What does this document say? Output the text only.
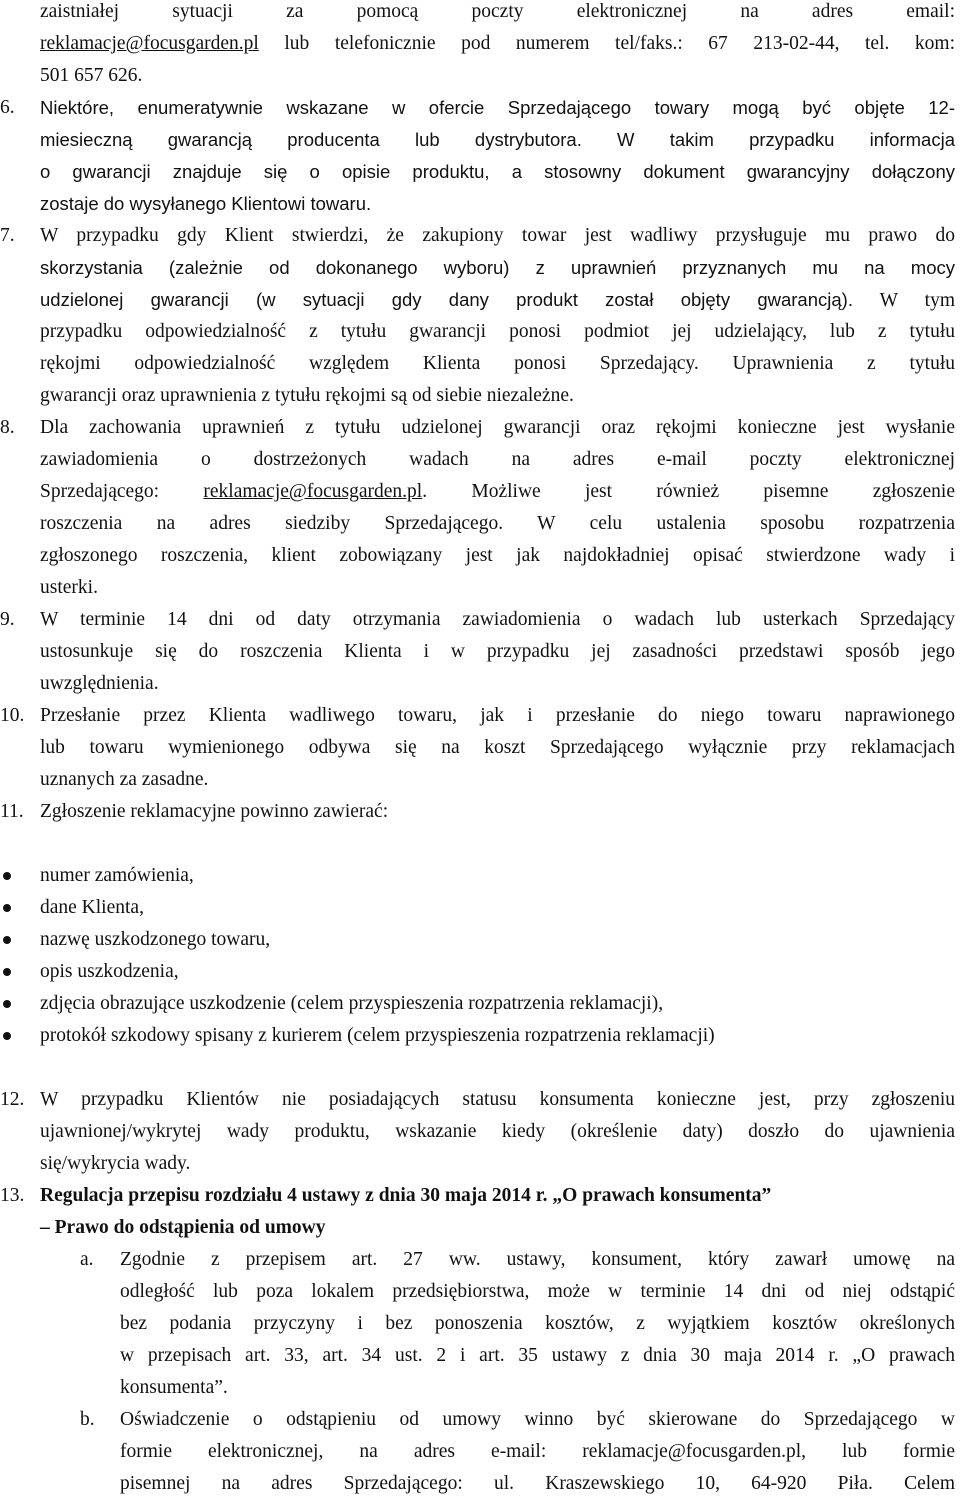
zaistniałej sytuacji za pomocą poczty elektronicznej na adres email:
reklamacje@focusgarden.pl lub telefonicznie pod numerem tel/faks.: 67 213-02-44, tel. kom:
501 657 626.
6. Niektóre, enumeratywnie wskazane w ofercie Sprzedającego towary mogą być objęte 12-
miesieczną gwarancją producenta lub dystrybutora. W takim przypadku informacja
o gwarancji znajduje się o opisie produktu, a stosowny dokument gwarancyjny dołączony
zostaje do wysyłanego Klientowi towaru.
7. W przypadku gdy Klient stwierdzi, że zakupiony towar jest wadliwy przysługuje mu prawo do
skorzystania (zależnie od dokonanego wyboru) z uprawnień przyznanych mu na mocy
udzielonej gwarancji (w sytuacji gdy dany produkt został objęty gwarancją). W tym
przypadku odpowiedzialność z tytułu gwarancji ponosi podmiot jej udzielający, lub z tytułu
rękojmi odpowiedzialność względem Klienta ponosi Sprzedający. Uprawnienia z tytułu
gwarancji oraz uprawnienia z tytułu rękojmi są od siebie niezależne.
8. Dla zachowania uprawnień z tytułu udzielonej gwarancji oraz rękojmi konieczne jest wysłanie
zawiadomienia o dostrzeżonych wadach na adres e-mail poczty elektronicznej
Sprzedającego: reklamacje@focusgarden.pl. Możliwe jest również pisemne zgłoszenie
roszczenia na adres siedziby Sprzedającego. W celu ustalenia sposobu rozpatrzenia
zgłoszonego roszczenia, klient zobowiązany jest jak najdokładniej opisać stwierdzone wady i
usterki.
9. W terminie 14 dni od daty otrzymania zawiadomienia o wadach lub usterkach Sprzedający
ustosunkuje się do roszczenia Klienta i w przypadku jej zasadności przedstawi sposób jego
uwzględnienia.
10. Przesłanie przez Klienta wadliwego towaru, jak i przesłanie do niego towaru naprawionego
lub towaru wymienionego odbywa się na koszt Sprzedającego wyłącznie przy reklamacjach
uznanych za zasadne.
11. Zgłoszenie reklamacyjne powinno zawierać:
numer zamówienia,
dane Klienta,
nazwę uszkodzonego towaru,
opis uszkodzenia,
zdjęcia obrazujące uszkodzenie (celem przyspieszenia rozpatrzenia reklamacji),
protokół szkodowy spisany z kurierem (celem przyspieszenia rozpatrzenia reklamacji)
12. W przypadku Klientów nie posiadających statusu konsumenta konieczne jest, przy zgłoszeniu
ujawnionej/wykrytej wady produktu, wskazanie kiedy (określenie daty) doszło do ujawnienia
się/wykrycia wady.
13. Regulacja przepisu rozdziału 4 ustawy z dnia 30 maja 2014 r. „O prawach konsumenta”
– Prawo do odstąpienia od umowy
a. Zgodnie z przepisem art. 27 ww. ustawy, konsument, który zawarł umowę na
odległość lub poza lokalem przedsiębiorstwa, może w terminie 14 dni od niej odstąpić
bez podania przyczyny i bez ponoszenia kosztów, z wyjątkiem kosztów określonych
w przepisach art. 33, art. 34 ust. 2 i art. 35 ustawy z dnia 30 maja 2014 r. „O prawach
konsumenta”.
b. Oświadczenie o odstąpieniu od umowy winno być skierowane do Sprzedającego w
formie elektronicznej, na adres e-mail: reklamacje@focusgarden.pl, lub formie
pisemnej na adres Sprzedającego: ul. Kraszewskiego 10, 64-920 Piła. Celem
